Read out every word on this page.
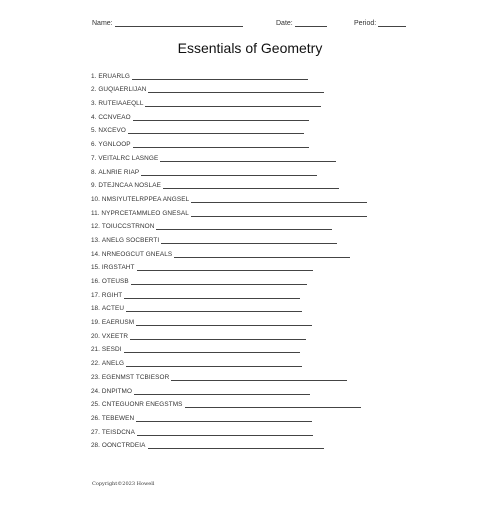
Name:	Date:	Period:
Essentials of Geometry
1. ERUARLG
2. GUQIAERLIJAN
3. RUTEIAAEQLL
4. CCNVEAO
5. NXCEVO
6. YGNLOOP
7. VEITALRC LASNGE
8. ALNRIE RIAP
9. DTEJNCAA NOSLAE
10. NMSIYUTELRPPEA ANGSEL
11. NYPRCETAMMLEO GNESAL
12. TOIUCCSTRNON
13. ANELG SOCBERTI
14. NRNEOGCUT GNEALS
15. IRGSTAHT
16. OTEUSB
17. RGIHT
18. ACTEU
19. EAERUSM
20. VXEETR
21. SESDI
22. ANELG
23. EGENMST TCBIESOR
24. DNPITMO
25. CNTEGUONR ENEGSTMS
26. TEBEWEN
27. TEISDCNA
28. OONCTRDEIA
Copyright©2023 Howell
